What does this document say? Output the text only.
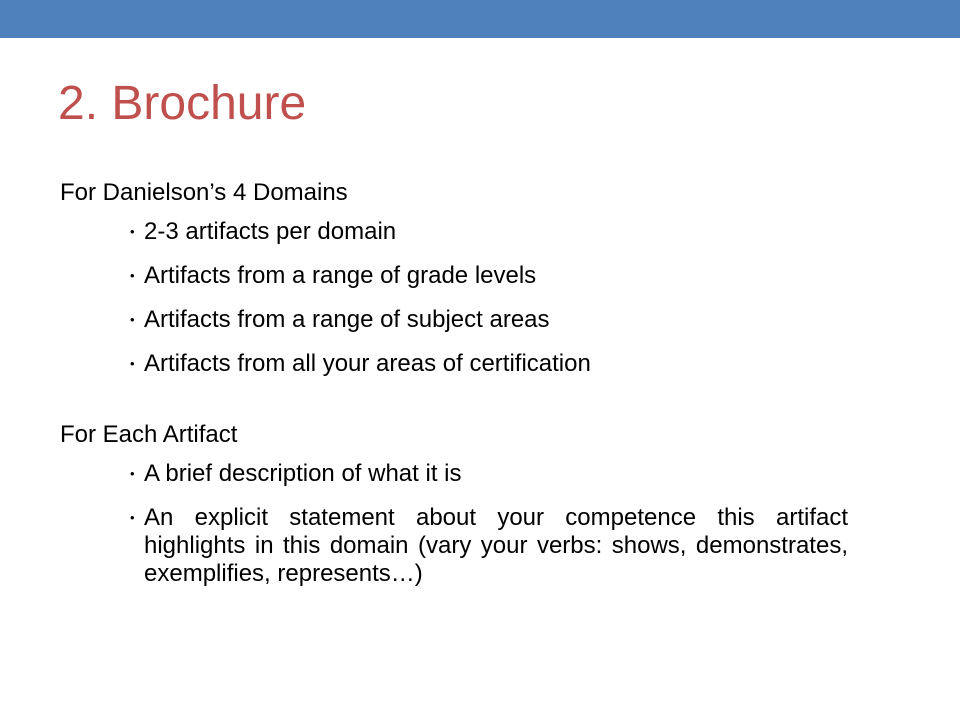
2. Brochure

For Danielson’s 4 Domains

• 2-3 artifacts per domain
• Artifacts from a range of grade levels
• Artifacts from a range of subject areas
• Artifacts from all your areas of certification

For Each Artifact

• A brief description of what it is
• An explicit statement about your competence this artifact highlights in this domain (vary your verbs: shows, demonstrates, exemplifies, represents…)
